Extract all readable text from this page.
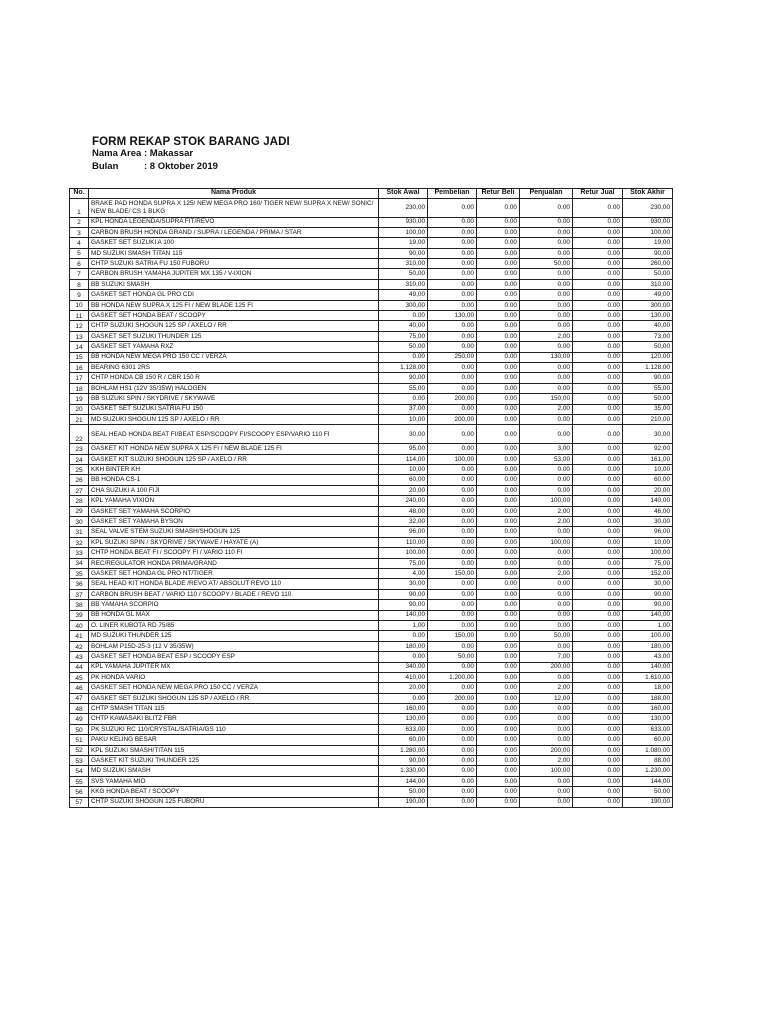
FORM REKAP STOK BARANG JADI
Nama Area : Makassar
Bulan	: 8 Oktober 2019
No.	Nama Produk	Stok Awal	Pembelian	Retur Beli	Penjualan	Retur Jual	Stok Akhir
1	BRAKE PAD HONDA SUPRA X 125/ NEW MEGA PRO 160/ TIGER NEW/ SUPRA X NEW/ SONIC/ NEW BLADE/ CS 1 BLKG	230,00	0.00	0.00	0.00	0.00	230,00
2	KPL HONDA LEGENDA/SUPRA FIT/REVO	930,00	0.00	0.00	0.00	0.00	930,00
3	CARBON BRUSH HONDA GRAND / SUPRA / LEGENDA / PRIMA / STAR	100,00	0.00	0.00	0.00	0.00	100,00
4	GASKET SET SUZUKI A 100	19,00	0.00	0.00	0.00	0.00	19,00
5	MD SUZUKI SMASH TITAN 115	90,00	0.00	0.00	0.00	0.00	90,00
6	CHTP SUZUKI SATRIA FU 150 FUBORU	310,00	0.00	0.00	50,00	0.00	260,00
7	CARBON BRUSH YAMAHA JUPITER MX 135 / V-IXION	50,00	0.00	0.00	0.00	0.00	50,00
8	BB SUZUKI SMASH	310,00	0.00	0.00	0.00	0.00	310,00
9	GASKET SET HONDA GL PRO CDI	49,00	0.00	0.00	0.00	0.00	49,00
10	BB HONDA NEW SUPRA X 125 FI / NEW BLADE 125 FI	300,00	0.00	0.00	0.00	0.00	300,00
11	GASKET SET HONDA BEAT / SCOOPY	0.00	130,00	0.00	0.00	0.00	130,00
12	CHTP SUZUKI SHOGUN 125 SP / AXELO / RR	40,00	0.00	0.00	0.00	0.00	40,00
13	GASKET SET SUZUKI THUNDER 125	75,00	0.00	0.00	2,00	0.00	73,00
14	GASKET SET YAMAHA RXZ	50,00	0.00	0.00	0.00	0.00	50,00
15	BB HONDA NEW MEGA PRO 150 CC / VERZA	0.00	250,00	0.00	130,00	0.00	120,00
16	BEARING 6301 2RS	1.128,00	0.00	0.00	0.00	0.00	1.128,00
17	CHTP HONDA CB 150 R / CBR 150 R	90,00	0.00	0.00	0.00	0.00	90,00
18	BOHLAM HS1 (12V 35/35W) HALOGEN	55,00	0.00	0.00	0.00	0.00	55,00
19	BB SUZUKI SPIN / SKYDRIVE / SKYWAVE	0.00	200,00	0.00	150,00	0.00	50,00
20	GASKET SET SUZUKI SATRIA FU 150	37,00	0.00	0.00	2,00	0.00	35,00
21	MD SUZUKI SHOGUN 125 SP / AXELO / RR	10,00	200,00	0.00	0.00	0.00	210,00
22	SEAL HEAD HONDA BEAT FI/BEAT ESP/SCOOPY FI/SCOOPY ESP/VARIO 110 FI	30,00	0.00	0.00	0.00	0.00	30,00
23	GASKET KIT HONDA NEW SUPRA X 125 FI / NEW BLADE 125 FI	95,00	0.00	0.00	3,00	0.00	92,00
24	GASKET KIT SUZUKI SHOGUN 125 SP / AXELO / RR	114,00	100,00	0.00	53,00	0.00	161,00
25	KKH BINTER KH	10,00	0.00	0.00	0.00	0.00	10,00
26	BB HONDA CS-1	60,00	0.00	0.00	0.00	0.00	60,00
27	CHA SUZUKI A 100 FIJI	20,00	0.00	0.00	0.00	0.00	20,00
28	KPL YAMAHA VIXION	240,00	0.00	0.00	100,00	0.00	140,00
29	GASKET SET YAMAHA SCORPIO	48,00	0.00	0.00	2,00	0.00	46,00
30	GASKET SET YAMAHA BYSON	32,00	0.00	0.00	2,00	0.00	30,00
31	SEAL VALVE STEM SUZUKI SMASH/SHOGUN 125	96,00	0.00	0.00	0.00	0.00	96,00
32	KPL SUZUKI SPIN / SKYDRIVE / SKYWAVE / HAYATE (A)	110,00	0.00	0.00	100,00	0.00	10,00
33	CHTP HONDA BEAT FI / SCOOPY FI / VARIO 110 FI	100,00	0.00	0.00	0.00	0.00	100,00
34	REC/REGULATOR HONDA PRIMA/GRAND	75,00	0.00	0.00	0.00	0.00	75,00
35	GASKET SET HONDA GL PRO NT/TIGER	4,00	150,00	0.00	2,00	0.00	152,00
36	SEAL HEAD KIT HONDA BLADE /REVO AT/ ABSOLUT REVO 110	30,00	0.00	0.00	0.00	0.00	30,00
37	CARBON BRUSH BEAT / VARIO 110 / SCOOPY / BLADE / REVO 110	90,00	0.00	0.00	0.00	0.00	90,00
38	BB YAMAHA SCORPIO	90,00	0.00	0.00	0.00	0.00	90,00
39	BB HONDA GL MAX	140,00	0.00	0.00	0.00	0.00	140,00
40	O. LINER KUBOTA RD 75/85	1,00	0.00	0.00	0.00	0.00	1,00
41	MD SUZUKI THUNDER 125	0.00	150,00	0.00	50,00	0.00	100,00
42	BOHLAM P15D-25-3 (12 V 35/35W)	180,00	0.00	0.00	0.00	0.00	180,00
43	GASKET SET HONDA BEAT ESP / SCOOPY ESP	0.00	50,00	0.00	7,00	0.00	43,00
44	KPL YAMAHA JUPITER MX	340,00	0.00	0.00	200,00	0.00	140,00
45	PK HONDA VARIO	410,00	1.200,00	0.00	0.00	0.00	1.610,00
46	GASKET SET HONDA NEW MEGA PRO 150 CC / VERZA	20,00	0.00	0.00	2,00	0.00	18,00
47	GASKET SET SUZUKI SHOGUN 125 SP / AXELO / RR	0.00	200,00	0.00	12,00	0.00	188,00
48	CHTP SMASH TITAN 115	160,00	0.00	0.00	0.00	0.00	160,00
49	CHTP KAWASAKI BLITZ FBR	130,00	0.00	0.00	0.00	0.00	130,00
50	PK SUZUKI RC 110/CRYSTAL/SATRIA/GS 110	633,00	0.00	0.00	0.00	0.00	633,00
51	PAKU KELING BESAR	60,00	0.00	0.00	0.00	0.00	60,00
52	KPL SUZUKI SMASH/TITAN 115	1.280,00	0.00	0.00	200,00	0.00	1.080,00
53	GASKET KIT SUZUKI THUNDER 125	90,00	0.00	0.00	2,00	0.00	88,00
54	MD SUZUKI SMASH	1.330,00	0.00	0.00	100,00	0.00	1.230,00
55	SVS YAMAHA MIO	144,00	0.00	0.00	0.00	0.00	144,00
56	KKG HONDA BEAT / SCOOPY	50,00	0.00	0.00	0.00	0.00	50,00
57	CHTP SUZUKI SHOGUN 125 FUBORU	190,00	0.00	0.00	0.00	0.00	190,00
